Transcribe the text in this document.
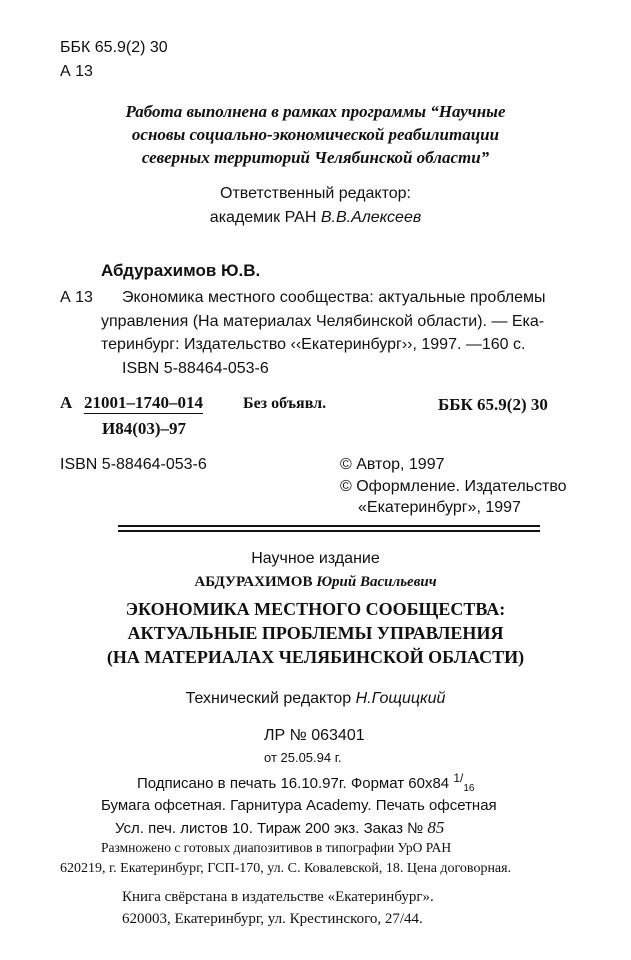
ББК 65.9(2) 30
А 13
Работа выполнена в рамках программы “Научные
основы социально-экономической реабилитации
северных территорий Челябинской области”
Ответственный редактор:
академик РАН В.В.Алексеев
Абдурахимов Ю.В.
А 13 Экономика местного сообщества: актуальные проблемы
управления (На материалах Челябинской области). — Ека-
теринбург: Издательство ‹‹Екатеринбург››, 1997. —160 с.
ISBN 5-88464-053-6
А 21001–1740–014
И84(03)–97
Без объявл.	ББК 65.9(2) 30
ISBN 5-88464-053-6	© Автор, 1997
© Оформление. Издательство
«Екатеринбург», 1997
Научное издание
АБДУРАХИМОВ Юрий Васильевич
ЭКОНОМИКА МЕСТНОГО СООБЩЕСТВА:
АКТУАЛЬНЫЕ ПРОБЛЕМЫ УПРАВЛЕНИЯ
(НА МАТЕРИАЛАХ ЧЕЛЯБИНСКОЙ ОБЛАСТИ)
Технический редактор Н.Гощицкий
ЛР № 063401
от 25.05.94 г.
Подписано в печать 16.10.97г. Формат 60х84 $^{1/}_{16}$
Бумага офсетная. Гарнитура Academy. Печать офсетная
Усл. печ. листов 10. Тираж 200 экз. Заказ № 85
Размножено с готовых диапозитивов в типографии УрО РАН
620219, г. Екатеринбург, ГСП-170, ул. С. Ковалевской, 18. Цена договорная.
Книга свёрстана в издательстве «Екатеринбург».
620003, Екатеринбург, ул. Крестинского, 27/44.
